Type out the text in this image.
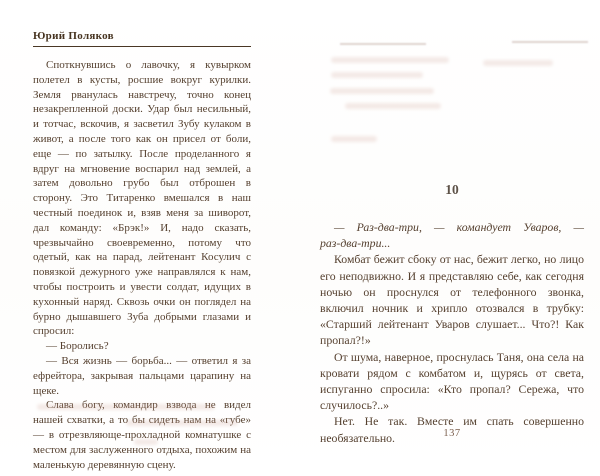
Юрий Поляков

Споткнувшись о лавочку, я кувырком полетел в кусты, росшие вокруг курилки. Земля рванулась навстречу, точно конец незакрепленной доски. Удар был несильный, и тотчас, вскочив, я засветил Зубу кулаком в живот, а после того как он присел от боли, еще — по затылку. После проделанного я вдруг на мгновение воспарил над землей, а затем довольно грубо был отброшен в сторону. Это Титаренко вмешался в наш честный поединок и, взяв меня за шиворот, дал команду: «Брэк!» И, надо сказать, чрезвычайно своевременно, потому что одетый, как на парад, лейтенант Косулич с повязкой дежурного уже направлялся к нам, чтобы построить и увести солдат, идущих в кухонный наряд. Сквозь очки он поглядел на бурно дышавшего Зуба добрыми глазами и спросил:

— Боролись?

— Вся жизнь — борьба... — ответил я за ефрейтора, закрывая пальцами царапину на щеке.

Слава богу, командир взвода не видел нашей схватки, а то бы сидеть нам на «губе» — в отрезвляюще-прохладной комнатушке с местом для заслуженного отдыха, похожим на маленькую деревянную сцену.

10

— Раз-два-три, — командует Уваров, — раз-два-три...

Комбат бежит сбоку от нас, бежит легко, но лицо его неподвижно. И я представляю себе, как сегодня ночью он проснулся от телефонного звонка, включил ночник и хрипло отозвался в трубку: «Старший лейтенант Уваров слушает... Что?! Как пропал?!»

От шума, наверное, проснулась Таня, она села на кровати рядом с комбатом и, щурясь от света, испуганно спросила: «Кто пропал? Сережа, что случилось?..»

Нет. Не так. Вместе им спать совершенно необязательно.	137
